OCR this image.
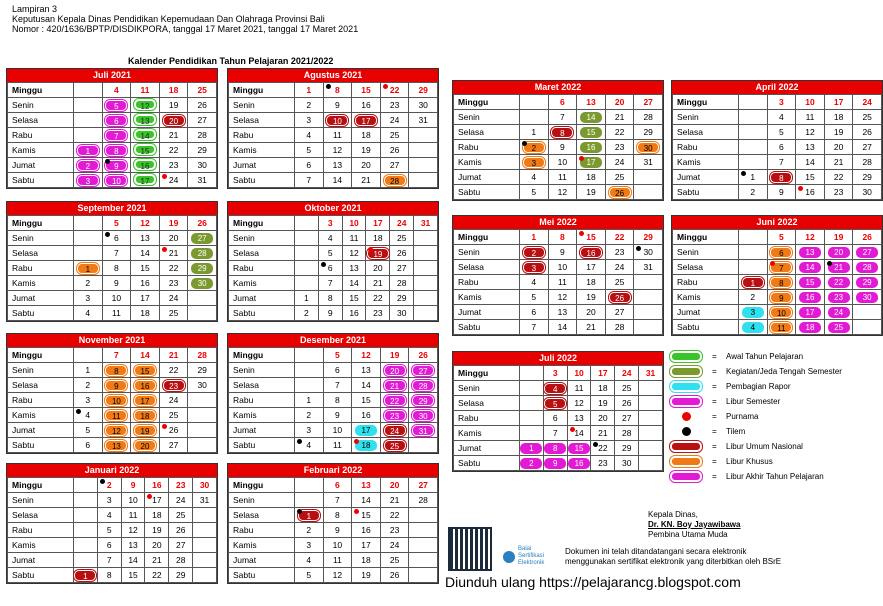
Lampiran 3
Keputusan Kepala Dinas Pendidikan Kepemudaan Dan Olahraga Provinsi Bali
Nomor : 420/1636/BPTP/DISDIKPORA, tanggal 17 Maret 2021, tanggal 17 Maret 2021
Kalender Pendidikan Tahun Pelajaran 2021/2022
Juli 2021
Minggu		4	11	18	25
Senin		5	12	19	26
Selasa		6	13	20	27
Rabu		7	14	21	28
Kamis	1	8	15	22	29
Jumat	2	9	16	23	30
Sabtu	3	10	17	24	31
Agustus 2021
Minggu	1	8	15	22	29
Senin	2	9	16	23	30
Selasa	3	10	17	24	31
Rabu	4	11	18	25	
Kamis	5	12	19	26	
Jumat	6	13	20	27	
Sabtu	7	14	21	28	
September 2021
Minggu		5	12	19	26
Senin		6	13	20	27
Selasa		7	14	21	28
Rabu	1	8	15	22	29
Kamis	2	9	16	23	30
Jumat	3	10	17	24	
Sabtu	4	11	18	25	
Oktober 2021
Minggu		3	10	17	24	31
Senin		4	11	18	25	
Selasa		5	12	19	26	
Rabu		6	13	20	27	
Kamis		7	14	21	28	
Jumat	1	8	15	22	29	
Sabtu	2	9	16	23	30	
November 2021
Minggu		7	14	21	28
Senin	1	8	15	22	29
Selasa	2	9	16	23	30
Rabu	3	10	17	24	
Kamis	4	11	18	25	
Jumat	5	12	19	26

Sabtu	6	13	20	27	
Desember 2021
Minggu		5	12	19	26
Senin		6	13	20	27
Selasa		7	14	21	28
Rabu	1	8	15	22	29
Kamis	2	9	16	23	30
Jumat	3	10	17	24	31
Sabtu	4	11	18	25	
Januari 2022
Minggu		2	9	16	23	30
Senin		3	10	17	24	31
Selasa		4	11	18	25	
Rabu		5	12	19	26	
Kamis		6	13	20	27	
Jumat		7	14	21	28	
Sabtu	1	8	15	22	29	
Februari 2022
Minggu		6	13	20	27
Senin		7	14	21	28
Selasa	1	8	15	22	
Rabu	2	9	16	23	
Kamis	3	10	17	24	
Jumat	4	11	18	25	
Sabtu	5	12	19	26	
Maret 2022
Minggu		6	13	20	27
Senin		7	14	21	28
Selasa	1	8	15	22	29
Rabu	2	9	16	23	30
Kamis	3	10	17	24	31
Jumat	4	11	18	25	
Sabtu	5	12	19	26	
April 2022
Minggu		3	10	17	24
Senin		4	11	18	25
Selasa		5	12	19	26
Rabu		6	13	20	27
Kamis		7	14	21	28
Jumat	1	8	15	22	29
Sabtu	2	9	16	23	30
Mei 2022
Minggu	1	8	15	22	29
Senin	2	9	16	23	30

Selasa	3	10	17	24	31
Rabu	4	11	18	25	
Kamis	5	12	19	26	
Jumat	6	13	20	27	
Sabtu	7	14	21	28	
Juni 2022
Minggu		5	12	19	26
Senin		6	13	20	27
Selasa		7	14	21	28
Rabu	1	8	15	22	29
Kamis	2	9	16	23	30
Jumat	3	10	17	24	
Sabtu	4	11	18	25	
Juli 2022
Minggu		3	10	17	24	31
Senin		4	11	18	25	
Selasa		5	12	19	26	
Rabu		6	13	20	27	
Kamis		7	14	21	28	
Jumat	1	8	15	22	29	
Sabtu	2	9	16	23	30	
=	Awal Tahun Pelajaran
=	Kegiatan/Jeda Tengah Semester
=	Pembagian Rapor
=	Libur Semester
=	Purnama
=	Tilem
=	Libur Umum Nasional
=	Libur Khusus
=	Libur Akhir Tahun Pelajaran
Kepala Dinas,
Dr. KN. Boy Jayawibawa
Pembina Utama Muda
Balai Sertifikasi Elektronik
Dokumen ini telah ditandatangani secara elektronik
menggunakan sertifikat elektronik yang diterbitkan oleh BSrE
Diunduh ulang https://pelajarancg.blogspot.com
